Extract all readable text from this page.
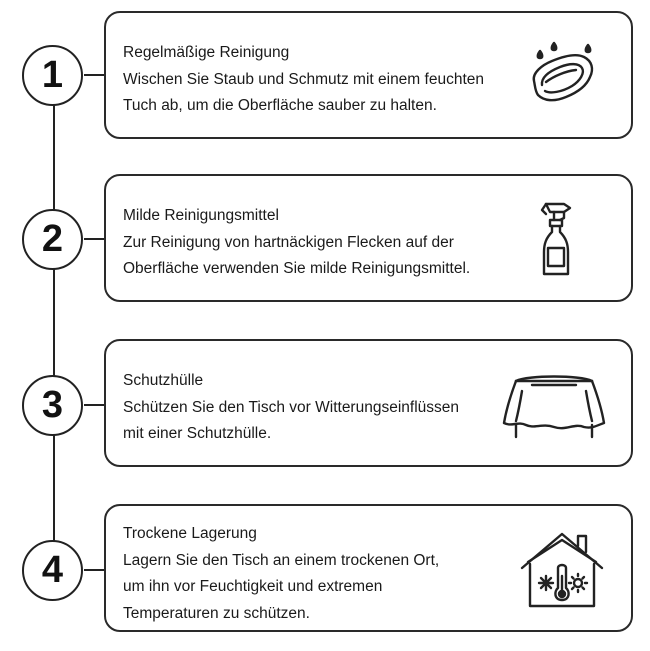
1
Regelmäßige Reinigung
Wischen Sie Staub und Schmutz mit einem feuchten
Tuch ab, um die Oberfläche sauber zu halten.
2
Milde Reinigungsmittel
Zur Reinigung von hartnäckigen Flecken auf der
Oberfläche verwenden Sie milde Reinigungsmittel.
3
Schutzhülle
Schützen Sie den Tisch vor Witterungseinflüssen
mit einer Schutzhülle.
4
Trockene Lagerung
Lagern Sie den Tisch an einem trockenen Ort,
um ihn vor Feuchtigkeit und extremen
Temperaturen zu schützen.
